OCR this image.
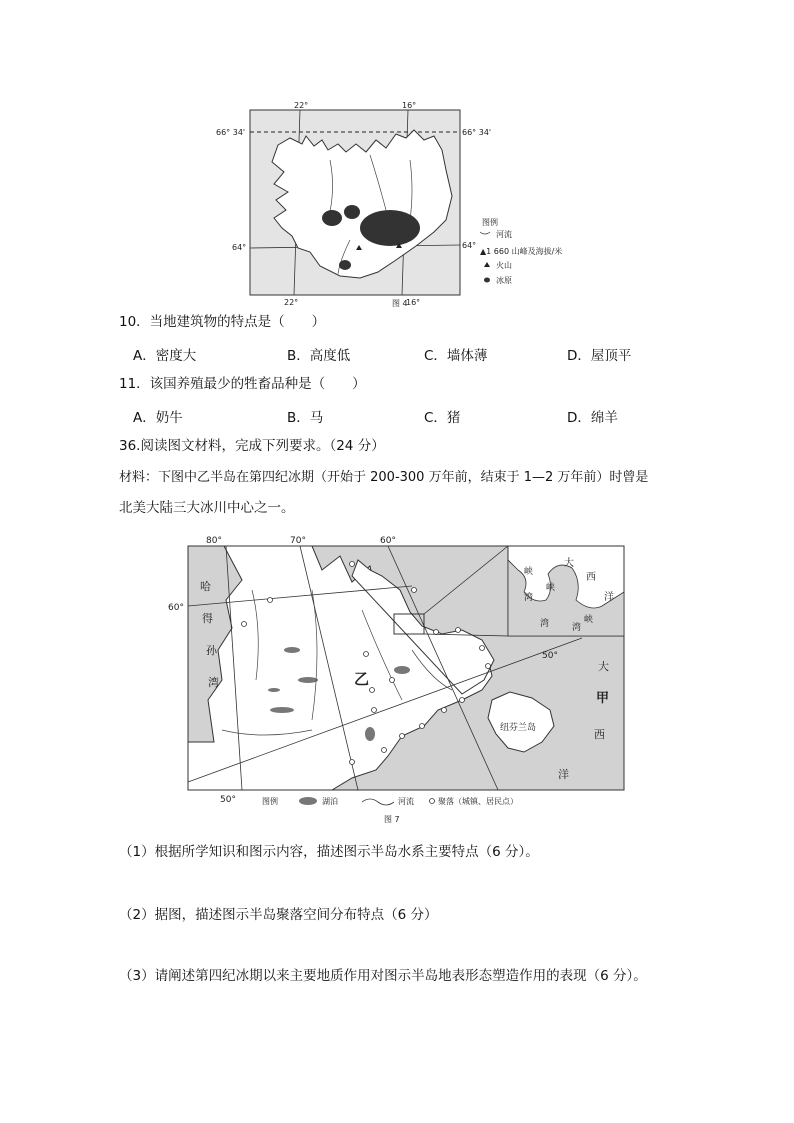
22°	16°
66° 34'	66° 34'
64°	64°
22°	图 4
16°
图例
河流
▲1 660 山峰及海拔/米
火山
冰原
10．当地建筑物的特点是（　　）
A．密度大	B．高度低	C．墙体薄	D．屋顶平
11．该国养殖最少的牲畜品种是（　　）
A．奶牛	B．马	C．猪	D．绵羊
36.阅读图文材料，完成下列要求。（24 分）
材料：下图中乙半岛在第四纪冰期（开始于 200-300 万年前，结束于 1—2 万年前）时曾是
北美大陆三大冰川中心之一。
80°	70°	60°
60°
50°
50°
哈
得
孙
湾	乙
大
甲
西
洋
纽芬兰岛
大
西
洋
峡
湾
峡
湾	湾
峡
图例	湖泊	河流	聚落（城镇、居民点）
图 7
（1）根据所学知识和图示内容，描述图示半岛水系主要特点（6 分）。
（2）据图，描述图示半岛聚落空间分布特点（6 分）
（3）请阐述第四纪冰期以来主要地质作用对图示半岛地表形态塑造作用的表现（6 分）。
